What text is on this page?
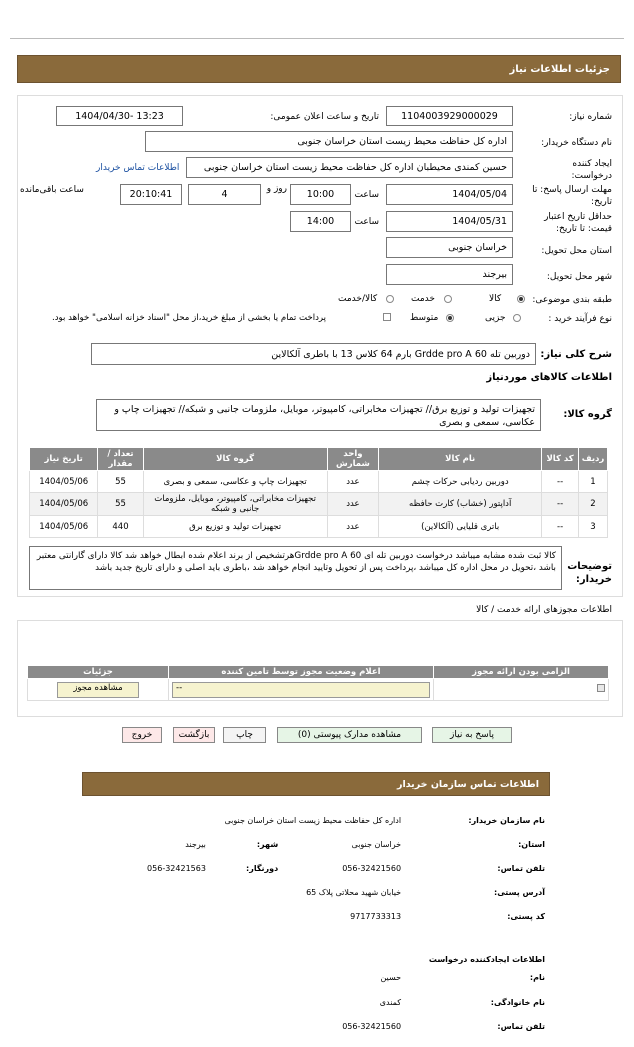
جزئیات اطلاعات نیاز
شماره نیاز:
1104003929000029
تاریخ و ساعت اعلان عمومی:
1404/04/30- 13:23
نام دستگاه خریدار:
اداره کل حفاظت محیط زیست استان خراسان جنوبی
ایجاد کننده درخواست:
حسین کمندی محیطبان اداره کل حفاظت محیط زیست استان خراسان جنوبی
اطلاعات تماس خریدار
مهلت ارسال پاسخ: تا تاریخ:
1404/05/04
ساعت
10:00
روز و
4
20:10:41
ساعت باقی‌مانده
حداقل تاریخ اعتبار قیمت: تا تاریخ:
1404/05/31
ساعت
14:00
استان محل تحویل:
خراسان جنوبی
شهر محل تحویل:
بیرجند
طبقه بندی موضوعی:
کالا
خدمت
کالا/خدمت
نوع فرآیند خرید :
جزیی
متوسط
پرداخت تمام یا بخشی از مبلغ خرید،از محل "اسناد خزانه اسلامی" خواهد بود.
شرح کلی نیاز:
دوربین تله Grdde pro A 60 بارم 64 کلاس 13 با باطری آلکالاین
اطلاعات کالاهای موردنیاز
گروه کالا:
تجهیزات تولید و توزیع برق// تجهیزات مخابراتی، کامپیوتر، موبایل، ملزومات جانبی و شبکه// تجهیزات چاپ و عکاسی، سمعی و بصری
ردیف	کد کالا	نام کالا	واحد شمارش	گروه کالا	تعداد / مقدار	تاریخ نیاز
1	--	دوربین ردیابی حرکات چشم	عدد	تجهیزات چاپ و عکاسی، سمعی و بصری	55	1404/05/06
2	--	آداپتور (خشاب) کارت حافظه	عدد	تجهیزات مخابراتی، کامپیوتر، موبایل، ملزومات جانبی و شبکه	55	1404/05/06
3	--	باتری قلیایی (آلکالاین)	عدد	تجهیزات تولید و توزیع برق	440	1404/05/06
توضیحات خریدار:
کالا ثبت شده مشابه میباشد درخواست دوربین تله ای Grdde pro A 60هرتشخیص از برند اعلام شده ابطال خواهد شد کالا دارای گارانتی معتبر باشد ،تحویل در محل اداره کل میباشد ،پرداخت پس از تحویل وتایید انجام خواهد شد ،باطری باید اصلی و دارای تاریخ جدید باشد
اطلاعات مجوزهای ارائه خدمت / کالا
الزامی بودن ارائه مجوز	اعلام وضعیت مجوز توسط تامین کننده	جزئیات

	--	مشاهده مجوز
پاسخ به نیاز
مشاهده مدارک پیوستی (0)
چاپ
بازگشت
خروج
اطلاعات تماس سازمان خریدار
نام سازمان خریدار:	اداره کل حفاظت محیط زیست استان خراسان جنوبی		
استان:	خراسان جنوبی	شهر:	بیرجند
تلفن تماس:	056-32421560	دورنگار:	056-32421563
آدرس پستی:	خیابان شهید محلاتی پلاک 65		
کد پستی:	9717733313		
اطلاعات ایجادکننده درخواست			
نام:	حسین		
نام خانوادگی:	کمندی		
تلفن تماس:	056-32421560		
